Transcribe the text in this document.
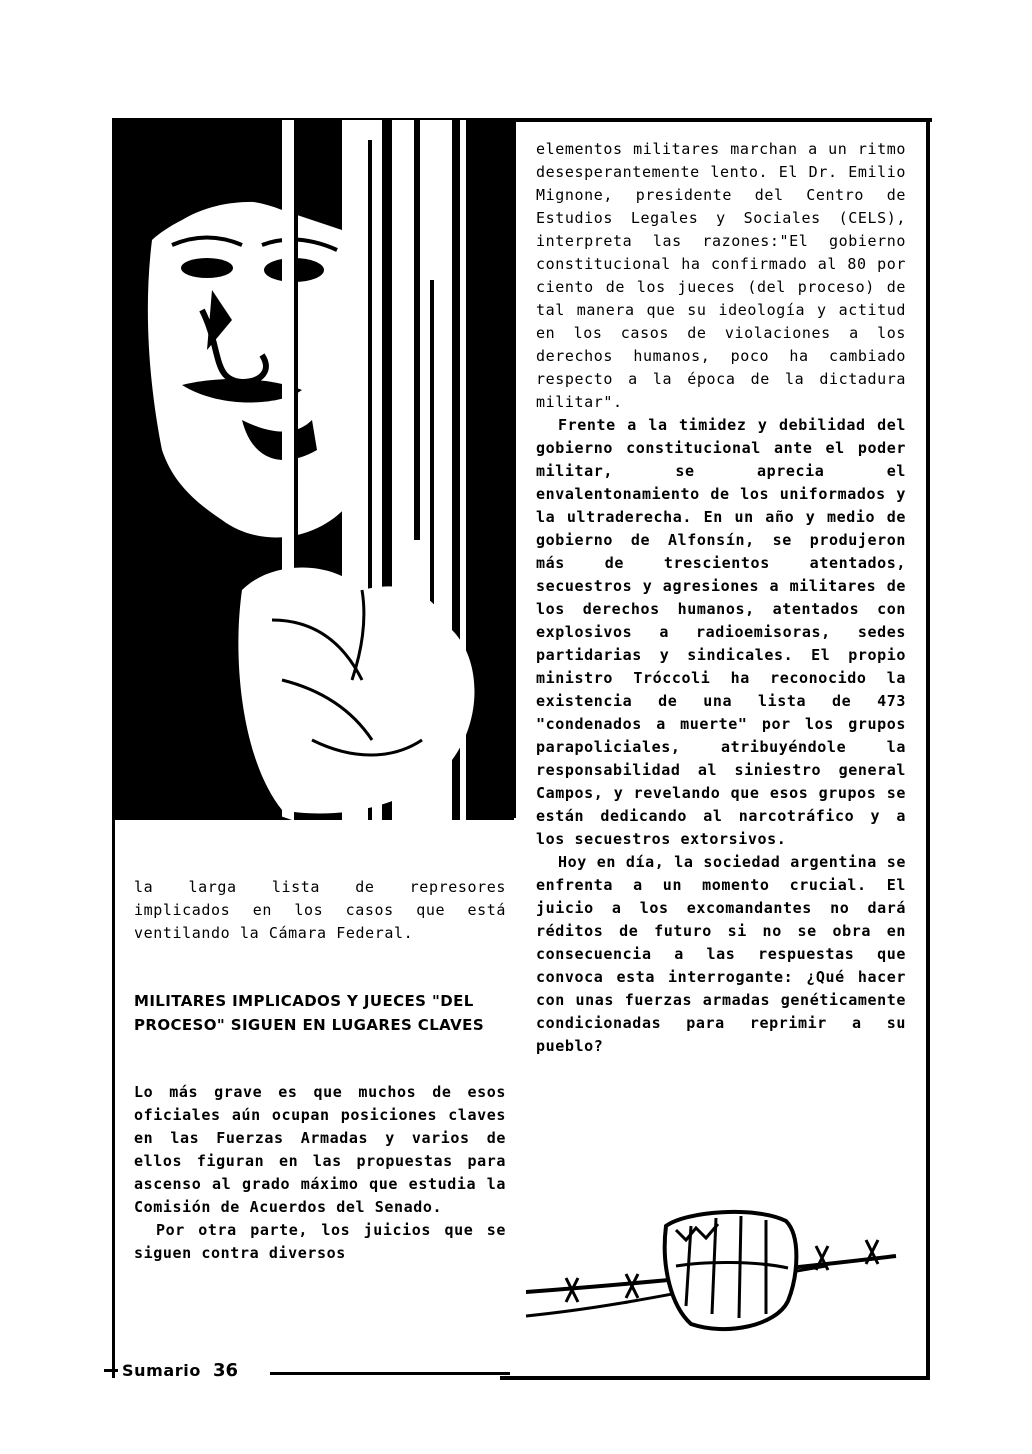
la larga lista de represores implicados en los casos que está ventilando la Cámara Federal.

MILITARES IMPLICADOS Y JUECES "DEL PROCESO" SIGUEN EN LUGARES CLAVES

Lo más grave es que muchos de esos oficiales aún ocupan posiciones claves en las Fuerzas Armadas y varios de ellos figuran en las propuestas para ascenso al grado máximo que estudia la Comisión de Acuerdos del Senado.

Por otra parte, los juicios que se siguen contra diversos

elementos militares marchan a un ritmo desesperantemente lento. El Dr. Emilio Mignone, presidente del Centro de Estudios Legales y Sociales (CELS), interpreta las razones:"El gobierno constitucional ha confirmado al 80 por ciento de los jueces (del proceso) de tal manera que su ideología y actitud en los casos de violaciones a los derechos humanos, poco ha cambiado respecto a la época de la dictadura militar".

Frente a la timidez y debilidad del gobierno constitucional ante el poder militar, se aprecia el envalentonamiento de los uniformados y la ultraderecha. En un año y medio de gobierno de Alfonsín, se produjeron más de trescientos atentados, secuestros y agresiones a militares de los derechos humanos, atentados con explosivos a radioemisoras, sedes partidarias y sindicales. El propio ministro Tróccoli ha reconocido la existencia de una lista de 473 "condenados a muerte" por los grupos parapoliciales, atribuyéndole la responsabilidad al siniestro general Campos, y revelando que esos grupos se están dedicando al narcotráfico y a los secuestros extorsivos.

Hoy en día, la sociedad argentina se enfrenta a un momento crucial. El juicio a los excomandantes no dará réditos de futuro si no se obra en consecuencia a las respuestas que convoca esta interrogante: ¿Qué hacer con unas fuerzas armadas genéticamente condicionadas para reprimir a su pueblo?

Sumario 36
